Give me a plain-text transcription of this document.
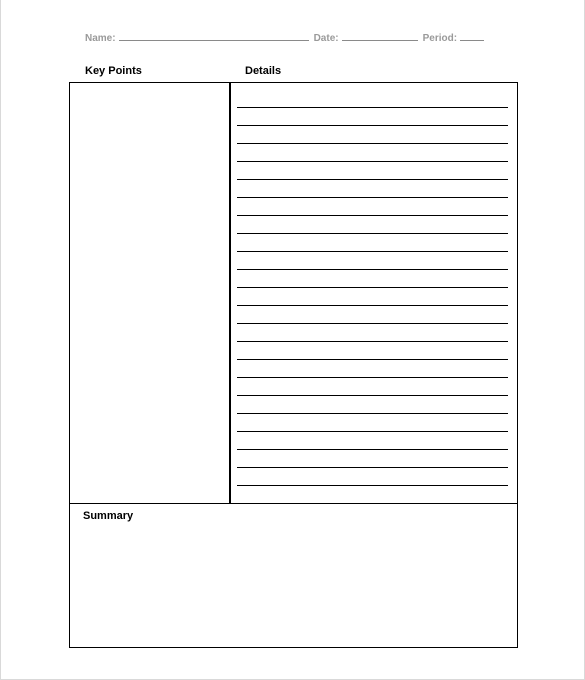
Name:	Date:	Period:
Key Points	Details
Summary
